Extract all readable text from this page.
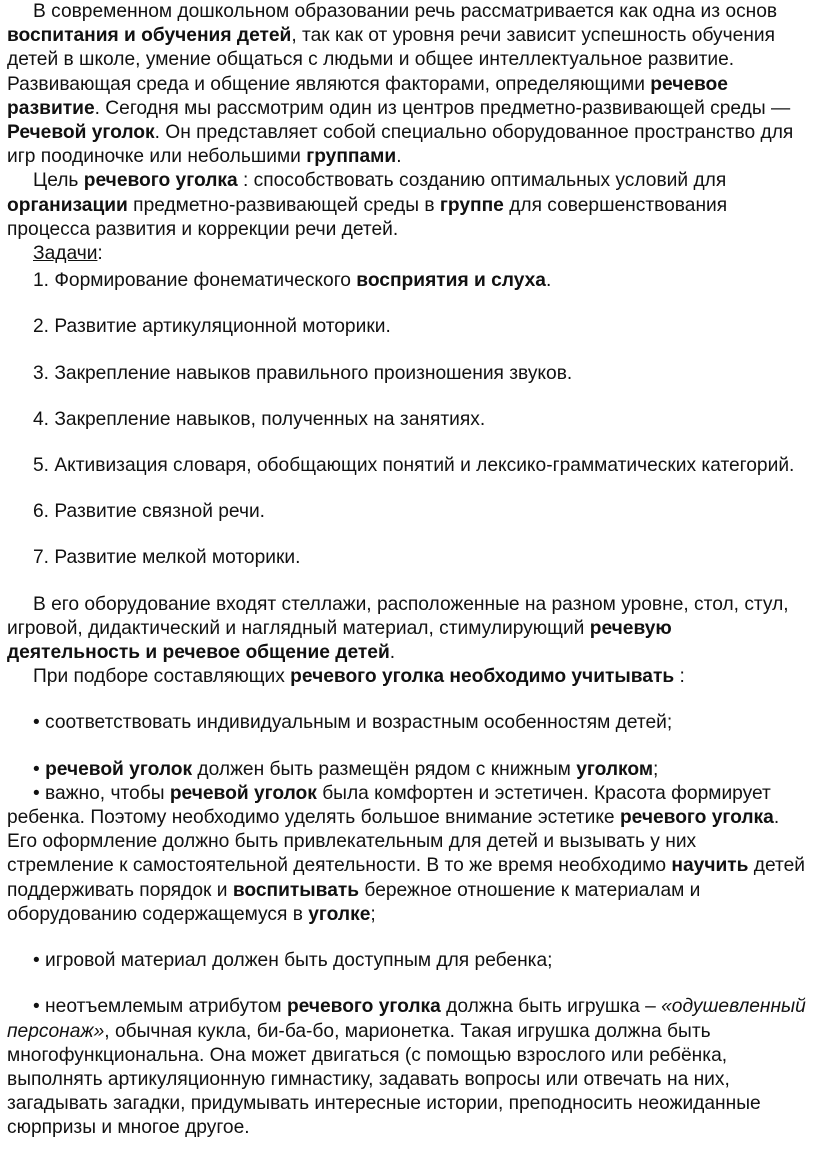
В современном дошкольном образовании речь рассматривается как одна из основ воспитания и обучения детей, так как от уровня речи зависит успешность обучения детей в школе, умение общаться с людьми и общее интеллектуальное развитие. Развивающая среда и общение являются факторами, определяющими речевое развитие. Сегодня мы рассмотрим один из центров предметно-развивающей среды — Речевой уголок. Он представляет собой специально оборудованное пространство для игр поодиночке или небольшими группами.

Цель речевого уголка : способствовать созданию оптимальных условий для организации предметно-развивающей среды в группе для совершенствования процесса развития и коррекции речи детей.

Задачи:

1. Формирование фонематического восприятия и слуха.

2. Развитие артикуляционной моторики.

3. Закрепление навыков правильного произношения звуков.

4. Закрепление навыков, полученных на занятиях.

5. Активизация словаря, обобщающих понятий и лексико-грамматических категорий.

6. Развитие связной речи.

7. Развитие мелкой моторики.

В его оборудование входят стеллажи, расположенные на разном уровне, стол, стул, игровой, дидактический и наглядный материал, стимулирующий речевую деятельность и речевое общение детей.

При подборе составляющих речевого уголка необходимо учитывать :

• соответствовать индивидуальным и возрастным особенностям детей;

• речевой уголок должен быть размещён рядом с книжным уголком;

• важно, чтобы речевой уголок была комфортен и эстетичен. Красота формирует ребенка. Поэтому необходимо уделять большое внимание эстетике речевого уголка. Его оформление должно быть привлекательным для детей и вызывать у них стремление к самостоятельной деятельности. В то же время необходимо научить детей поддерживать порядок и воспитывать бережное отношение к материалам и оборудованию содержащемуся в уголке;

• игровой материал должен быть доступным для ребенка;

• неотъемлемым атрибутом речевого уголка должна быть игрушка – «одушевленный персонаж», обычная кукла, би-ба-бо, марионетка. Такая игрушка должна быть многофункциональна. Она может двигаться (с помощью взрослого или ребёнка, выполнять артикуляционную гимнастику, задавать вопросы или отвечать на них, загадывать загадки, придумывать интересные истории, преподносить неожиданные сюрпризы и многое другое.
